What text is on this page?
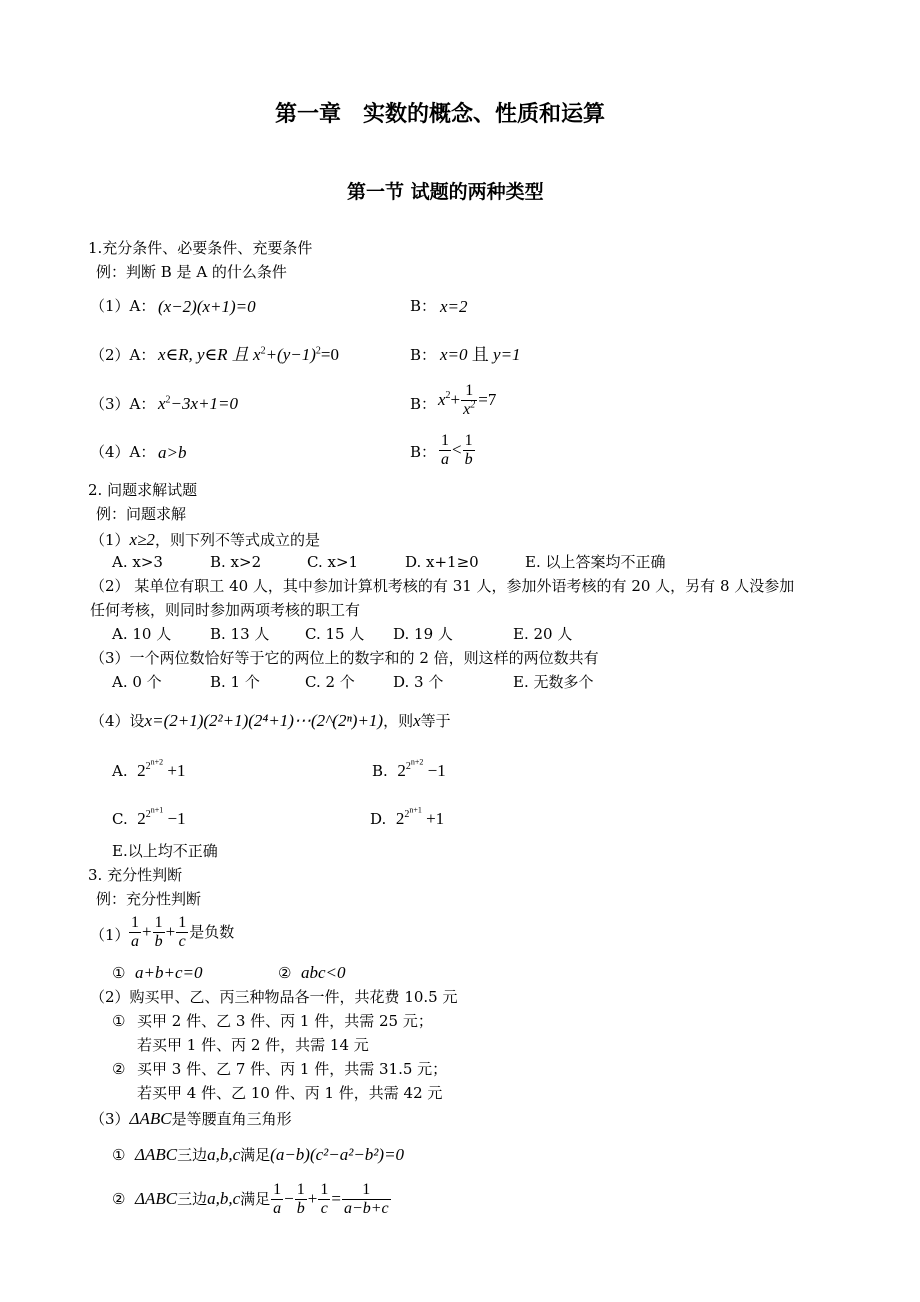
第一章　实数的概念、性质和运算
第一节 试题的两种类型
1.充分条件、必要条件、充要条件
例：判断 B 是 A 的什么条件
（1）A： (x−2)(x+1)=0	B： x=2
（2）A： x∈R, y∈R 且 $x^2+(y-1)^2=0$	B： x=0 且 y=1
（3）A： $x^2-3x+1=0$	B： $x^2+ \frac{1}{x^2} =7$
（4）A： a>b	B： $\frac{1}{a} < \frac{1}{b}$
2. 问题求解试题
例：问题求解
（1）x≥2，则下列不等式成立的是
A. x>3	B. x>2	C. x>1	D. x+1≥0	E. 以上答案均不正确
（2） 某单位有职工 40 人，其中参加计算机考核的有 31 人，参加外语考核的有 20 人，另有 8 人没参加
任何考核，则同时参加两项考核的职工有
A. 10 人	B. 13 人 C. 15 人 D. 19 人	E. 20 人
（3）一个两位数恰好等于它的两位上的数字和的 2 倍，则这样的两位数共有
A. 0 个	B. 1 个	C. 2 个	D. 3 个	E. 无数多个
（4）设x=(2+1)(2²+1)(2⁴+1)⋯(2^(2ⁿ)+1)，则x等于
A. $2^{2^{n+2}} +1$	B. $2^{2^{n+2}} -1$
C. $2^{2^{n+1}} -1$	D. $2^{2^{n+1}} +1$
E.以上均不正确
3. 充分性判断
例：充分性判断
$(1) \frac{1}{a} + \frac{1}{b} + \frac{1}{c}$ 是负数
① a+b+c=0	② abc<0
（2）购买甲、乙、丙三种物品各一件，共花费 10.5 元
① 买甲 2 件、乙 3 件、丙 1 件，共需 25 元；
若买甲 1 件、丙 2 件，共需 14 元
② 买甲 3 件、乙 7 件、丙 1 件，共需 31.5 元；
若买甲 4 件、乙 10 件、丙 1 件，共需 42 元
（3）ΔABC是等腰直角三角形
① ΔABC三边a,b,c满足(a−b)(c²−a²−b²)=0
② ΔABC三边a,b,c满足 $\frac{1}{a} - \frac{1}{b} + \frac{1}{c} = \frac{1}{a-b+c}$
